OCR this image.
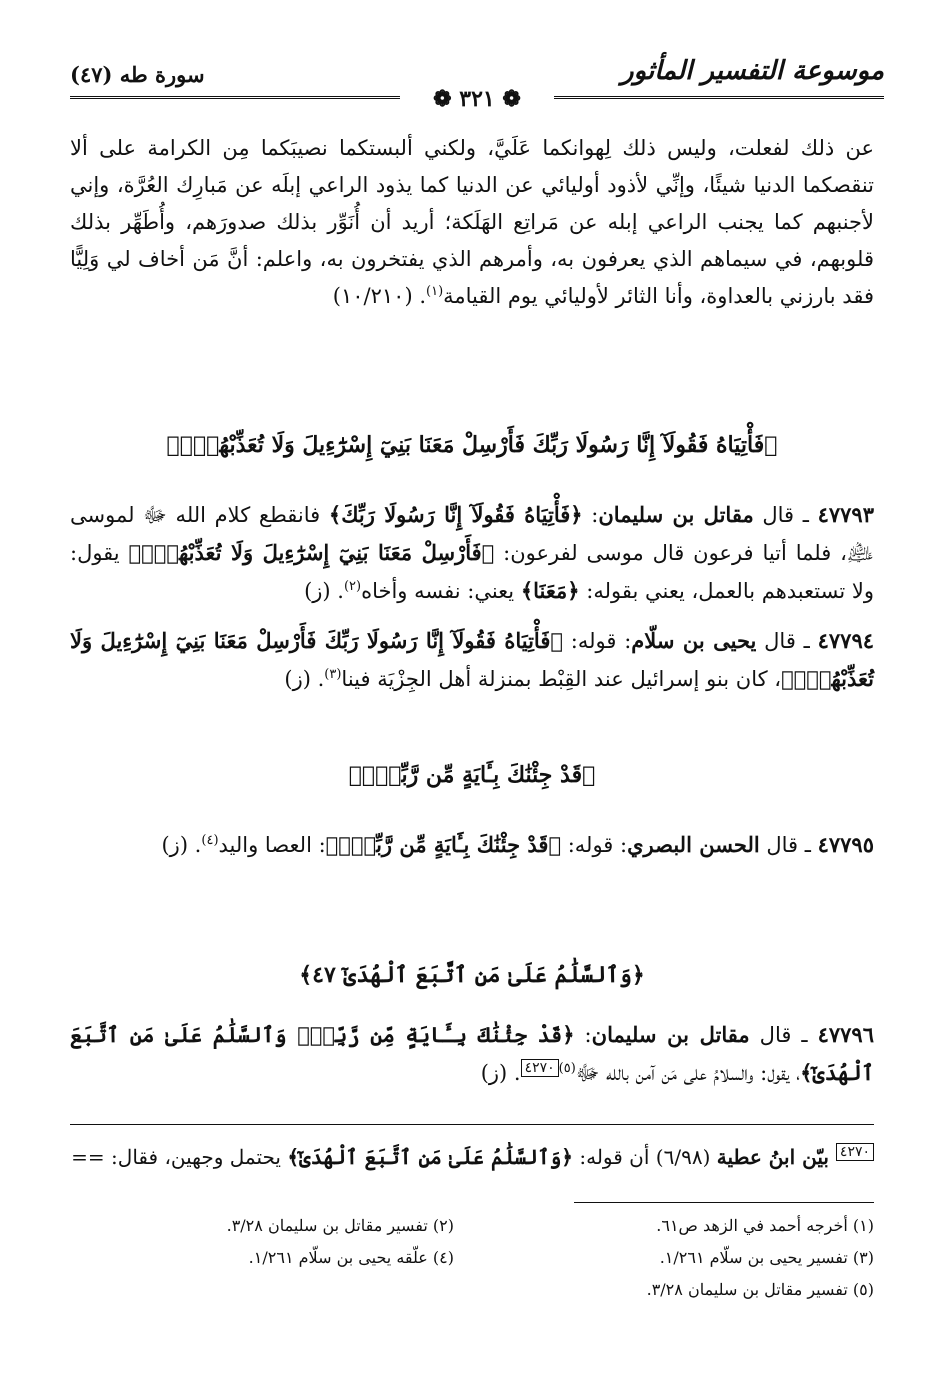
موسوعة التفسير المأثور
سورة طه (٤٧)
❁ ٣٢١ ❁
عن ذلك لفعلت، وليس ذلك لِهوانكما عَلَيَّ، ولكني ألبستكما نصيبَكما مِن الكرامة على ألا تنقصكما الدنيا شيئًا، وإنِّي لأذود أوليائي عن الدنيا كما يذود الراعي إبلَه عن مَبارِك العُرَّة، وإني لأجنبهم كما يجنب الراعي إبله عن مَراتِع الهَلَكة؛ أريد أن أُنَوِّر بذلك صدورَهم، وأُطَهِّر بذلك قلوبهم، في سيماهم الذي يعرفون به، وأمرهم الذي يفتخرون به، واعلم: أنَّ مَن أخاف لي وَلِيًّا فقد بارزني بالعداوة، وأنا الثائر لأوليائي يوم القيامة$^{(١)}$. (١٠/٢١٠)
﴿فَأْتِيَاهُ فَقُولَآ إِنَّا رَسُولَا رَبِّكَ فَأَرْسِلْ مَعَنَا بَنِيٓ إِسْرَٰٓءِيلَ وَلَا تُعَذِّبْهُمْۖ﴾
٤٧٧٩٣ ـ قال مقاتل بن سليمان: ﴿فَأْتِيَاهُ فَقُولَآ إِنَّا رَسُولَا رَبِّكَ﴾ فانقطع كلام الله ﷻ لموسى ﵇، فلما أتيا فرعون قال موسى لفرعون: ﴿فَأَرْسِلْ مَعَنَا بَنِيٓ إِسْرَٰٓءِيلَ وَلَا تُعَذِّبْهُمْۖ﴾ يقول: ولا تستعبدهم بالعمل، يعني بقوله: ﴿مَعَنَا﴾ يعني: نفسه وأخاه$^{(٢)}$. (ز)
٤٧٧٩٤ ـ قال يحيى بن سلّام: قوله: ﴿فَأْتِيَاهُ فَقُولَآ إِنَّا رَسُولَا رَبِّكَ فَأَرْسِلْ مَعَنَا بَنِيٓ إِسْرَٰٓءِيلَ وَلَا تُعَذِّبْهُمْۖ﴾، كان بنو إسرائيل عند القِبْط بمنزلة أهل الجِزْيَة فينا$^{(٣)}$. (ز)
﴿قَدْ جِئْنَٰكَ بِـَٔايَةٍ مِّن رَّبِّكَۖ﴾
٤٧٧٩٥ ـ قال الحسن البصري: قوله: ﴿قَدْ جِئْنَٰكَ بِـَٔايَةٍ مِّن رَّبِّكَۖ﴾: العصا واليد$^{(٤)}$. (ز)
﴿وَٱلسَّلَٰمُ عَلَىٰ مَنِ ٱتَّبَعَ ٱلْهُدَىٰٓ ٤٧﴾
٤٧٧٩٦ ـ قال مقاتل بن سليمان: ﴿قَدْ جِئْنَٰكَ بِـَٔايَةٍ مِّن رَّبِّكَۖ وَٱلسَّلَٰمُ عَلَىٰ مَنِ ٱتَّبَعَ ٱلْهُدَىٰٓ﴾، يقول: والسلامُ على مَن آمن بالله ﷻ$^{(٥)٤٢٧٠}$. (ز)
$^{٤٢٧٠}$ بيّن ابنُ عطية (٦/٩٨) أن قوله: ﴿وَٱلسَّلَٰمُ عَلَىٰ مَنِ ٱتَّبَعَ ٱلْهُدَىٰٓ﴾ يحتمل وجهين، فقال: ==
(١) أخرجه أحمد في الزهد ص٦١.
(٢) تفسير مقاتل بن سليمان ٣/٢٨.
(٣) تفسير يحيى بن سلّام ١/٢٦١.
(٤) علّقه يحيى بن سلّام ١/٢٦١.
(٥) تفسير مقاتل بن سليمان ٣/٢٨.
